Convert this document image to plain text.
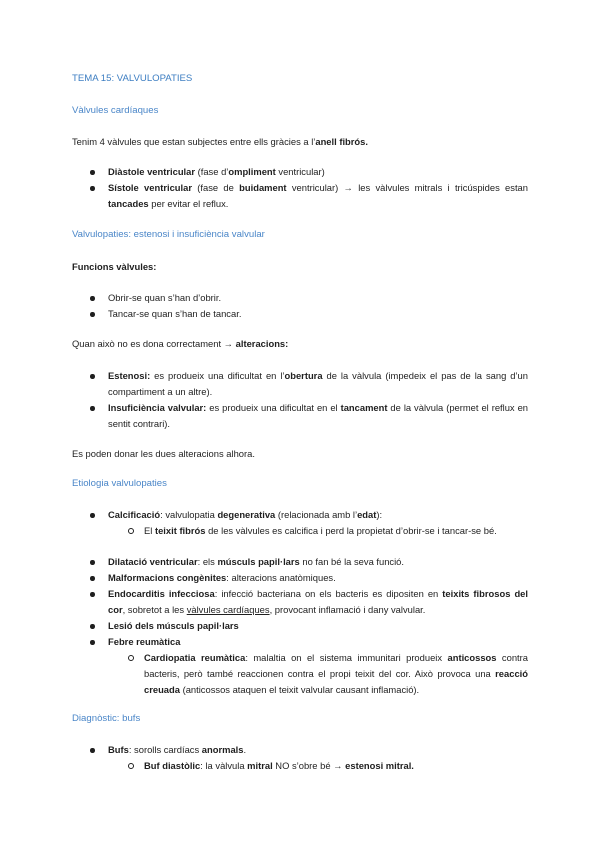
TEMA 15: VALVULOPATIES

Vàlvules cardíaques

Tenim 4 vàlvules que estan subjectes entre ells gràcies a l’anell fibrós.

Diàstole ventricular (fase d’ompliment ventricular)

Sístole ventricular (fase de buidament ventricular) → les vàlvules mitrals i tricúspides estan tancades per evitar el reflux.

Valvulopaties: estenosi i insuficiència valvular

Funcions vàlvules:

Obrir-se quan s’han d’obrir.

Tancar-se quan s’han de tancar.

Quan això no es dona correctament → alteracions:

Estenosi: es produeix una dificultat en l’obertura de la vàlvula (impedeix el pas de la sang d’un compartiment a un altre).

Insuficiència valvular: es produeix una dificultat en el tancament de la vàlvula (permet el reflux en sentit contrari).

Es poden donar les dues alteracions alhora.

Etiologia valvulopaties

Calcificació: valvulopatia degenerativa (relacionada amb l’edat):

El teixit fibrós de les vàlvules es calcifica i perd la propietat d’obrir-se i tancar-se bé.

Dilatació ventricular: els músculs papil·lars no fan bé la seva funció.

Malformacions congènites: alteracions anatòmiques.

Endocarditis infecciosa: infecció bacteriana on els bacteris es dipositen en teixits fibrosos del cor, sobretot a les vàlvules cardíaques, provocant inflamació i dany valvular.

Lesió dels músculs papil·lars

Febre reumàtica

Cardiopatia reumàtica: malaltia on el sistema immunitari produeix anticossos contra bacteris, però també reaccionen contra el propi teixit del cor. Això provoca una reacció creuada (anticossos ataquen el teixit valvular causant inflamació).

Diagnòstic: bufs

Bufs: sorolls cardíacs anormals.

Buf diastòlic: la vàlvula mitral NO s’obre bé → estenosi mitral.
